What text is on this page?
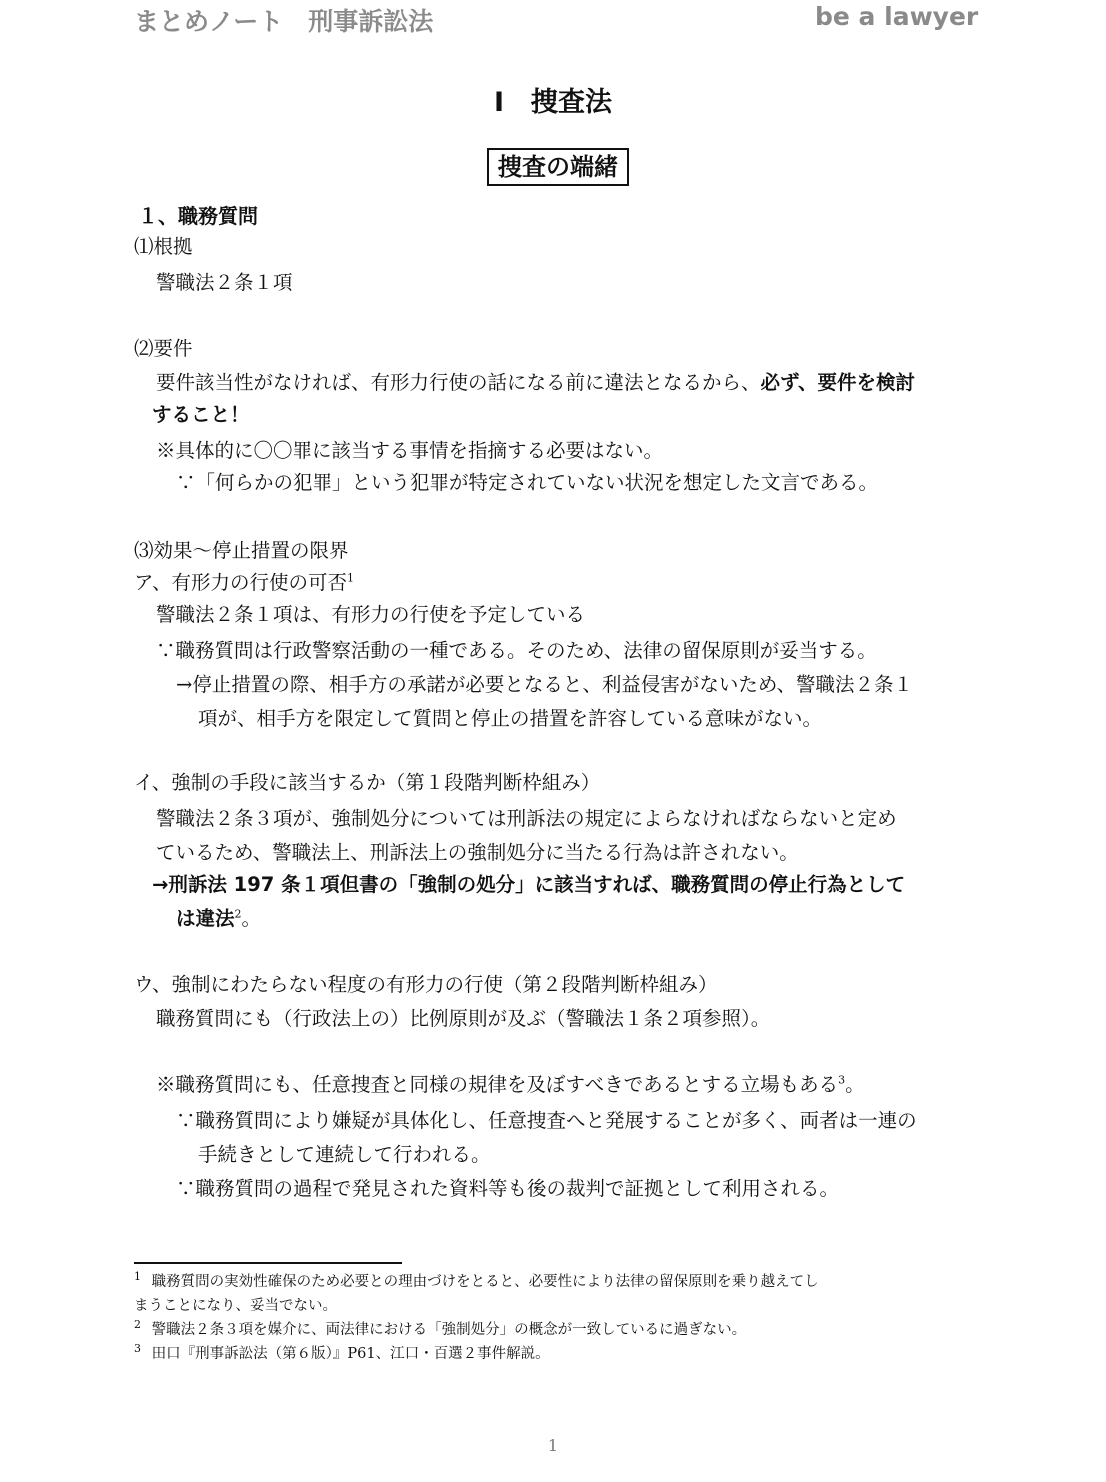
まとめノート　刑事訴訟法	be a lawyer
Ⅰ　捜査法
捜査の端緒
１、職務質問
⑴根拠
警職法２条１項
⑵要件
要件該当性がなければ、有形力行使の話になる前に違法となるから、必ず、要件を検討
すること！
※具体的に〇〇罪に該当する事情を指摘する必要はない。
∵「何らかの犯罪」という犯罪が特定されていない状況を想定した文言である。
⑶効果～停止措置の限界
ア、有形力の行使の可否$^1$
警職法２条１項は、有形力の行使を予定している
∵職務質問は行政警察活動の一種である。そのため、法律の留保原則が妥当する。
→停止措置の際、相手方の承諾が必要となると、利益侵害がないため、警職法２条１
項が、相手方を限定して質問と停止の措置を許容している意味がない。
イ、強制の手段に該当するか（第１段階判断枠組み）
警職法２条３項が、強制処分については刑訴法の規定によらなければならないと定め
ているため、警職法上、刑訴法上の強制処分に当たる行為は許されない。
→刑訴法 197 条１項但書の「強制の処分」に該当すれば、職務質問の停止行為として
は違法$^2$。
ウ、強制にわたらない程度の有形力の行使（第２段階判断枠組み）
職務質問にも（行政法上の）比例原則が及ぶ（警職法１条２項参照）。
※職務質問にも、任意捜査と同様の規律を及ぼすべきであるとする立場もある$^3$。
∵職務質問により嫌疑が具体化し、任意捜査へと発展することが多く、両者は一連の
手続きとして連続して行われる。
∵職務質問の過程で発見された資料等も後の裁判で証拠として利用される。
$^1$ 職務質問の実効性確保のため必要との理由づけをとると、必要性により法律の留保原則を乗り越えてし
まうことになり、妥当でない。
$^2$ 警職法２条３項を媒介に、両法律における「強制処分」の概念が一致しているに過ぎない。
$^3$ 田口『刑事訴訟法（第６版）』P61、江口・百選２事件解説。
1
